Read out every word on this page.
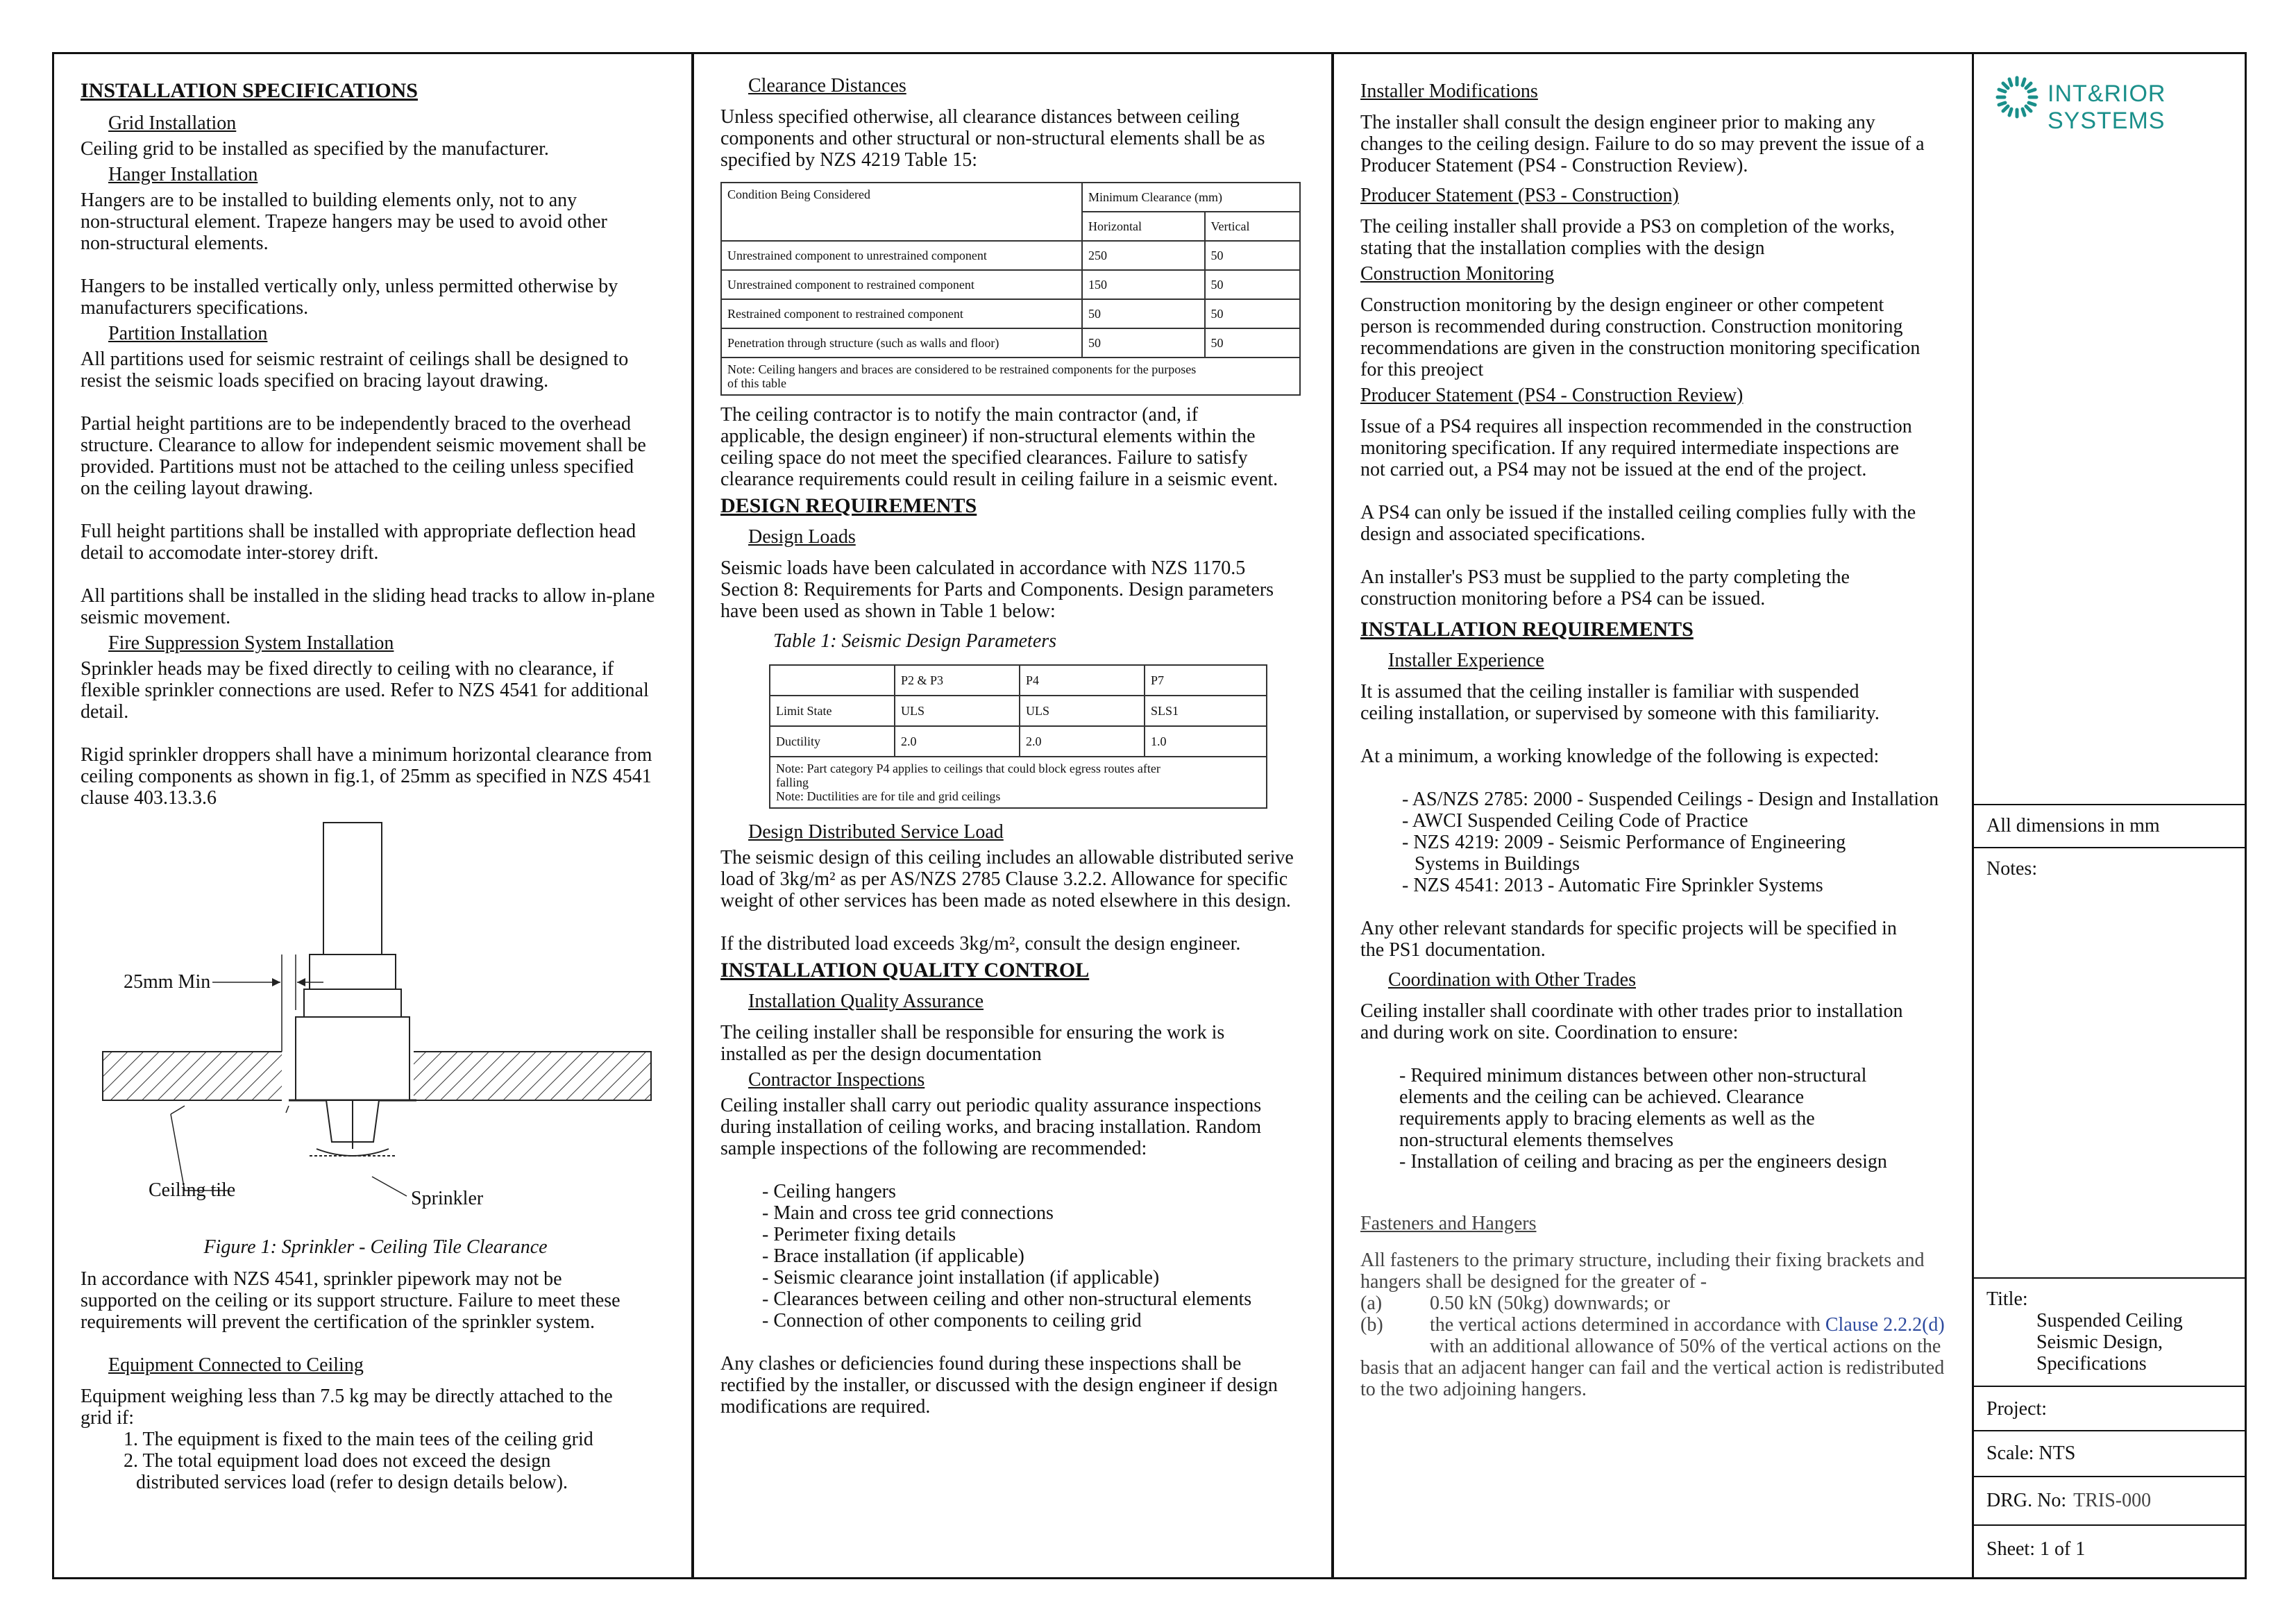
INSTALLATION SPECIFICATIONS
Grid Installation

Ceiling grid to be installed as specified by the manufacturer.

Hanger Installation

Hangers are to be installed to building elements only, not to any
non-structural element. Trapeze hangers may be used to avoid other
non-structural elements.

Hangers to be installed vertically only, unless permitted otherwise by
manufacturers specifications.

Partition Installation

All partitions used for seismic restraint of ceilings shall be designed to
resist the seismic loads specified on bracing layout drawing.

Partial height partitions are to be independently braced to the overhead
structure. Clearance to allow for independent seismic movement shall be
provided. Partitions must not be attached to the ceiling unless specified
on the ceiling layout drawing.

Full height partitions shall be installed with appropriate deflection head
detail to accomodate inter-storey drift.

All partitions shall be installed in the sliding head tracks to allow in-plane
seismic movement.

Fire Suppression System Installation

Sprinkler heads may be fixed directly to ceiling with no clearance, if
flexible sprinkler connections are used. Refer to NZS 4541 for additional
detail.

Rigid sprinkler droppers shall have a minimum horizontal clearance from
ceiling components as shown in fig.1, of 25mm as specified in NZS 4541
clause 403.13.3.6

25mm Min
Ceiling tile	Sprinkler
Figure 1: Sprinkler - Ceiling Tile Clearance

In accordance with NZS 4541, sprinkler pipework may not be
supported on the ceiling or its support structure. Failure to meet these
requirements will prevent the certification of the sprinkler system.

Equipment Connected to Ceiling

Equipment weighing less than 7.5 kg may be directly attached to the
grid if:

1. The equipment is fixed to the main tees of the ceiling grid
2. The total equipment load does not exceed the design
distributed services load (refer to design details below).

Clearance Distances

Unless specified otherwise, all clearance distances between ceiling
components and other structural or non-structural elements shall be as
specified by NZS 4219 Table 15:

Condition Being Considered	Minimum Clearance (mm)	
	Horizontal	Vertical
Unrestrained component to unrestrained component	250	50
Unrestrained component to restrained component	150	50
Restrained component to restrained component	50	50
Penetration through structure (such as walls and floor)	50	50

Note: Ceiling hangers and braces are considered to be restrained components for the purposes
of this table		

The ceiling contractor is to notify the main contractor (and, if
applicable, the design engineer) if non-structural elements within the
ceiling space do not meet the specified clearances. Failure to satisfy
clearance requirements could result in ceiling failure in a seismic event.

DESIGN REQUIREMENTS
Design Loads

Seismic loads have been calculated in accordance with NZS 1170.5
Section 8: Requirements for Parts and Components. Design parameters
have been used as shown in Table 1 below:

Table 1: Seismic Design Parameters
	P2 & P3	P4	P7
Limit State	ULS	ULS	SLS1
Ductility	2.0	2.0	1.0

Note: Part category P4 applies to ceilings that could block egress routes after
falling
Note: Ductilities are for tile and grid ceilings			
Design Distributed Service Load

The seismic design of this ceiling includes an allowable distributed serive
load of 3kg/m² as per AS/NZS 2785 Clause 3.2.2. Allowance for specific
weight of other services has been made as noted elsewhere in this design.

If the distributed load exceeds 3kg/m², consult the design engineer.

INSTALLATION QUALITY CONTROL
Installation Quality Assurance

The ceiling installer shall be responsible for ensuring the work is
installed as per the design documentation

Contractor Inspections

Ceiling installer shall carry out periodic quality assurance inspections
during installation of ceiling works, and bracing installation. Random
sample inspections of the following are recommended:

- Ceiling hangers
- Main and cross tee grid connections
- Perimeter fixing details
- Brace installation (if applicable)
- Seismic clearance joint installation (if applicable)
- Clearances between ceiling and other non-structural elements
- Connection of other components to ceiling grid

Any clashes or deficiencies found during these inspections shall be
rectified by the installer, or discussed with the design engineer if design
modifications are required.

Installer Modifications

The installer shall consult the design engineer prior to making any
changes to the ceiling design. Failure to do so may prevent the issue of a
Producer Statement (PS4 - Construction Review).

Producer Statement (PS3 - Construction)

The ceiling installer shall provide a PS3 on completion of the works,
stating that the installation complies with the design

Construction Monitoring

Construction monitoring by the design engineer or other competent
person is recommended during construction. Construction monitoring
recommendations are given in the construction monitoring specification
for this preoject

Producer Statement (PS4 - Construction Review)

Issue of a PS4 requires all inspection recommended in the construction
monitoring specification. If any required intermediate inspections are
not carried out, a PS4 may not be issued at the end of the project.

A PS4 can only be issued if the installed ceiling complies fully with the
design and associated specifications.

An installer's PS3 must be supplied to the party completing the
construction monitoring before a PS4 can be issued.

INSTALLATION REQUIREMENTS
Installer Experience

It is assumed that the ceiling installer is familiar with suspended
ceiling installation, or supervised by someone with this familiarity.

At a minimum, a working knowledge of the following is expected:

- AS/NZS 2785: 2000 - Suspended Ceilings - Design and Installation
- AWCI Suspended Ceiling Code of Practice
- NZS 4219: 2009 - Seismic Performance of Engineering
Systems in Buildings
- NZS 4541: 2013 - Automatic Fire Sprinkler Systems

Any other relevant standards for specific projects will be specified in
the PS1 documentation.

Coordination with Other Trades

Ceiling installer shall coordinate with other trades prior to installation
and during work on site. Coordination to ensure:

- Required minimum distances between other non-structural
elements and the ceiling can be achieved. Clearance
requirements apply to bracing elements as well as the
non-structural elements themselves
- Installation of ceiling and bracing as per the engineers design
Fasteners and Hangers

All fasteners to the primary structure, including their fixing brackets and
hangers shall be designed for the greater of -

(a) 0.50 kN (50kg) downwards; or
(b) the vertical actions determined in accordance with Clause 2.2.2(d)
with an additional allowance of 50% of the vertical actions on the
basis that an adjacent hanger can fail and the vertical action is redistributed
to the two adjoining hangers.
INT&RIOR SYSTEMS
All dimensions in mm
Notes:
Title:
Suspended Ceiling
Seismic Design,
Specifications
Project:
Scale: NTS
DRG. No: TRIS-000
Sheet: 1 of 1
